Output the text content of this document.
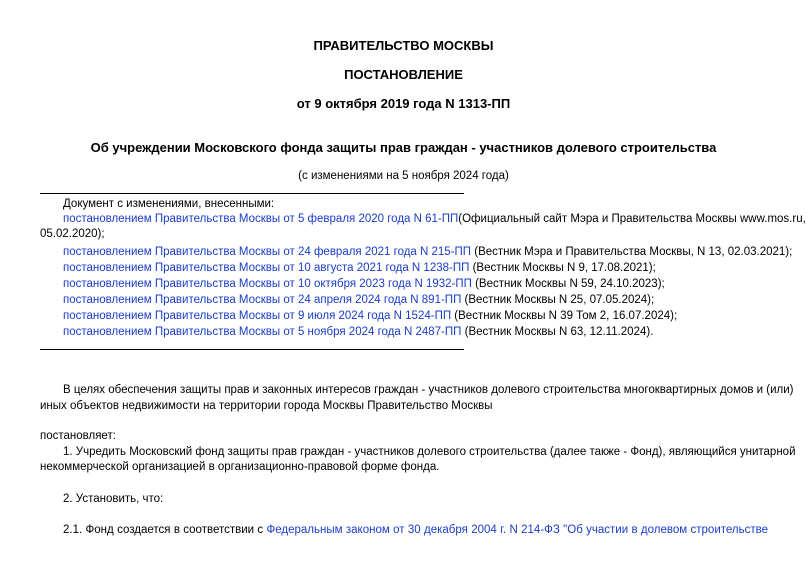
ПРАВИТЕЛЬСТВО МОСКВЫ
ПОСТАНОВЛЕНИЕ
от 9 октября 2019 года N 1313-ПП
Об учреждении Московского фонда защиты прав граждан - участников долевого строительства
(с изменениями на 5 ноября 2024 года)
Документ с изменениями, внесенными:
постановлением Правительства Москвы от 5 февраля 2020 года N 61-ПП(Официальный сайт Мэра и Правительства Москвы www.mos.ru,
05.02.2020);
постановлением Правительства Москвы от 24 февраля 2021 года N 215-ПП (Вестник Мэра и Правительства Москвы, N 13, 02.03.2021);
постановлением Правительства Москвы от 10 августа 2021 года N 1238-ПП (Вестник Москвы N 9, 17.08.2021);
постановлением Правительства Москвы от 10 октября 2023 года N 1932-ПП (Вестник Москвы N 59, 24.10.2023);
постановлением Правительства Москвы от 24 апреля 2024 года N 891-ПП (Вестник Москвы N 25, 07.05.2024);
постановлением Правительства Москвы от 9 июля 2024 года N 1524-ПП (Вестник Москвы N 39 Том 2, 16.07.2024);
постановлением Правительства Москвы от 5 ноября 2024 года N 2487-ПП (Вестник Москвы N 63, 12.11.2024).
В целях обеспечения защиты прав и законных интересов граждан - участников долевого строительства многоквартирных домов и (или)
иных объектов недвижимости на территории города Москвы Правительство Москвы
постановляет:
1. Учредить Московский фонд защиты прав граждан - участников долевого строительства (далее также - Фонд), являющийся унитарной
некоммерческой организацией в организационно-правовой форме фонда.
2. Установить, что:
2.1. Фонд создается в соответствии с Федеральным законом от 30 декабря 2004 г. N 214-ФЗ "Об участии в долевом строительстве
